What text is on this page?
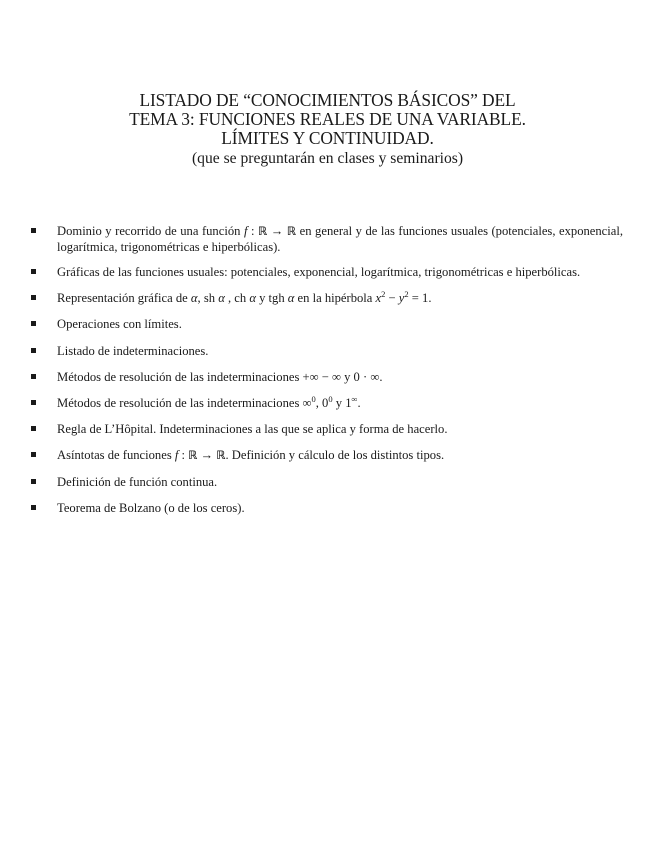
LISTADO DE “CONOCIMIENTOS BÁSICOS” DEL
TEMA 3: FUNCIONES REALES DE UNA VARIABLE.
LÍMITES Y CONTINUIDAD.
(que se preguntarán en clases y seminarios)
Dominio y recorrido de una función f : ℝ → ℝ en general y de las funciones usuales (potenciales, exponencial, logarítmica, trigonométricas e hiperbólicas).
Gráficas de las funciones usuales: potenciales, exponencial, logarítmica, trigonométricas e hiperbólicas.
Representación gráfica de α, sh α , ch α y tgh α en la hipérbola $x^2 - y^2 = 1$.
Operaciones con límites.
Listado de indeterminaciones.
Métodos de resolución de las indeterminaciones +∞ − ∞ y 0 · ∞.
Métodos de resolución de las indeterminaciones ∞$^0$, $0^0$ y 1∞.
Regla de L’Hôpital. Indeterminaciones a las que se aplica y forma de hacerlo.
Asíntotas de funciones f : ℝ → ℝ. Definición y cálculo de los distintos tipos.
Definición de función continua.
Teorema de Bolzano (o de los ceros).
